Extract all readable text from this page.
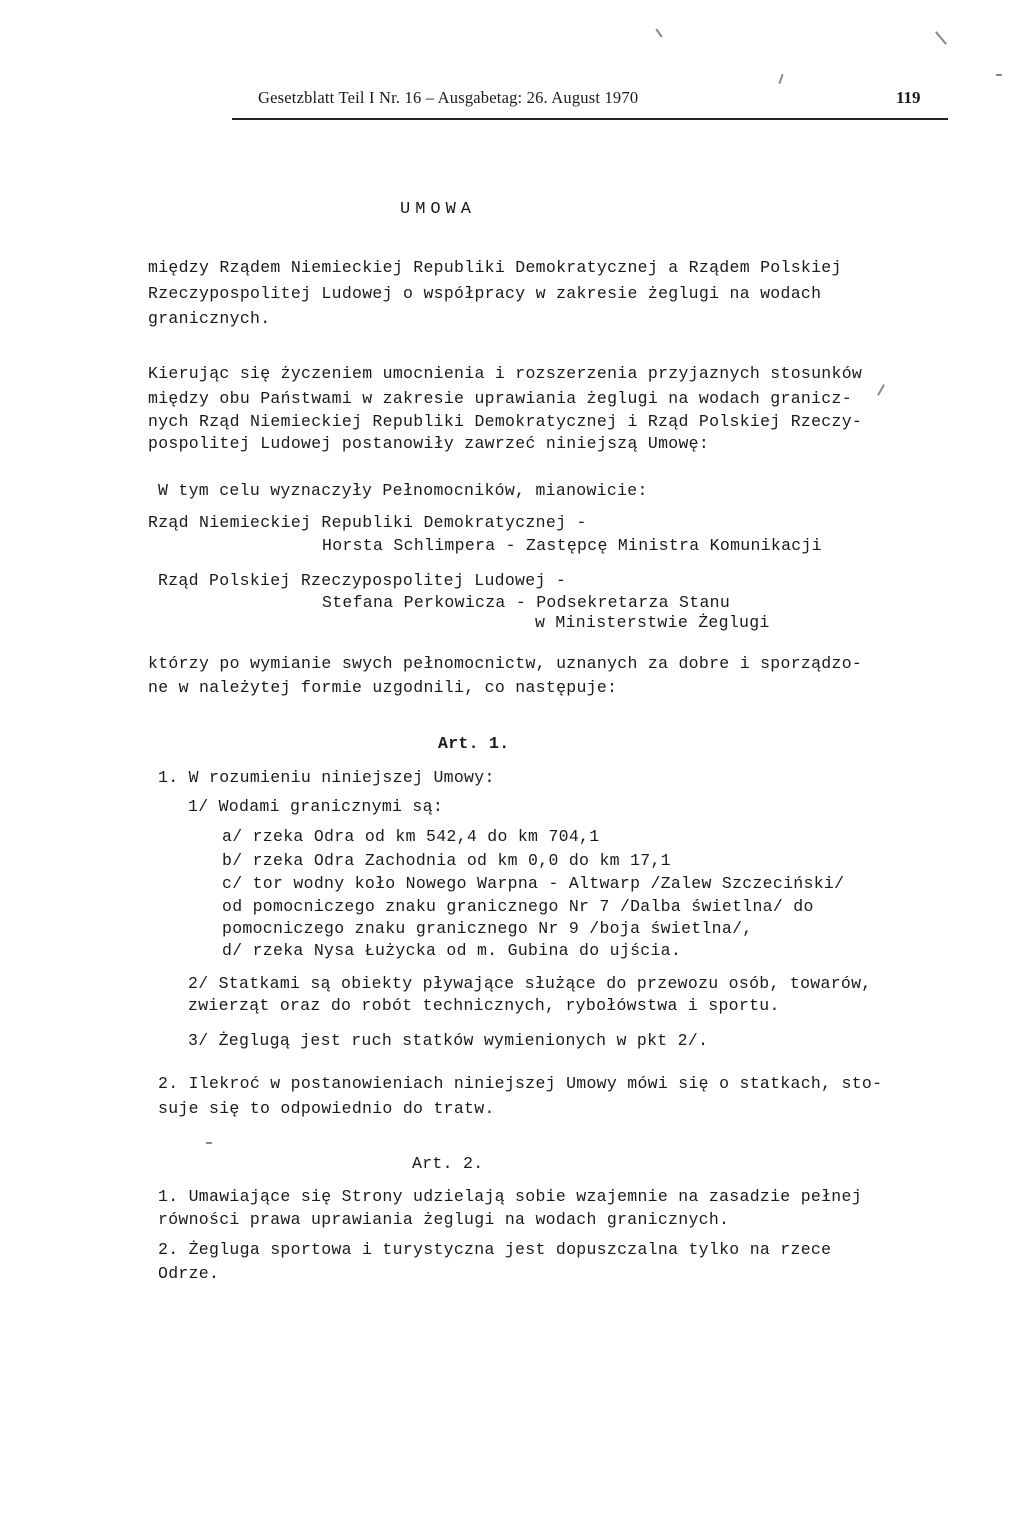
Gesetzblatt Teil I Nr. 16 – Ausgabetag: 26. August 1970	119
UMOWA
między Rządem Niemieckiej Republiki Demokratycznej a Rządem Polskiej
Rzeczypospolitej Ludowej o współpracy w zakresie żeglugi na wodach
granicznych.
Kierując się życzeniem umocnienia i rozszerzenia przyjaznych stosunków
między obu Państwami w zakresie uprawiania żeglugi na wodach granicz-
nych Rząd Niemieckiej Republiki Demokratycznej i Rząd Polskiej Rzeczy-
pospolitej Ludowej postanowiły zawrzeć niniejszą Umowę:
W tym celu wyznaczyły Pełnomocników, mianowicie:
Rząd Niemieckiej Republiki Demokratycznej -
Horsta Schlimpera - Zastępcę Ministra Komunikacji
Rząd Polskiej Rzeczypospolitej Ludowej -
Stefana Perkowicza - Podsekretarza Stanu
w Ministerstwie Żeglugi
którzy po wymianie swych pełnomocnictw, uznanych za dobre i sporządzo-
ne w należytej formie uzgodnili, co następuje:
Art. 1.
1. W rozumieniu niniejszej Umowy:
1/ Wodami granicznymi są:
a/ rzeka Odra od km 542,4 do km 704,1
b/ rzeka Odra Zachodnia od km 0,0 do km 17,1
c/ tor wodny koło Nowego Warpna - Altwarp /Zalew Szczeciński/
od pomocniczego znaku granicznego Nr 7 /Dalba świetlna/ do
pomocniczego znaku granicznego Nr 9 /boja świetlna/,
d/ rzeka Nysa Łużycka od m. Gubina do ujścia.
2/ Statkami są obiekty pływające służące do przewozu osób, towarów,
zwierząt oraz do robót technicznych, rybołówstwa i sportu.
3/ Żeglugą jest ruch statków wymienionych w pkt 2/.
2. Ilekroć w postanowieniach niniejszej Umowy mówi się o statkach, sto-
suje się to odpowiednio do tratw.
Art. 2.
1. Umawiające się Strony udzielają sobie wzajemnie na zasadzie pełnej
równości prawa uprawiania żeglugi na wodach granicznych.
2. Żegluga sportowa i turystyczna jest dopuszczalna tylko na rzece
Odrze.
